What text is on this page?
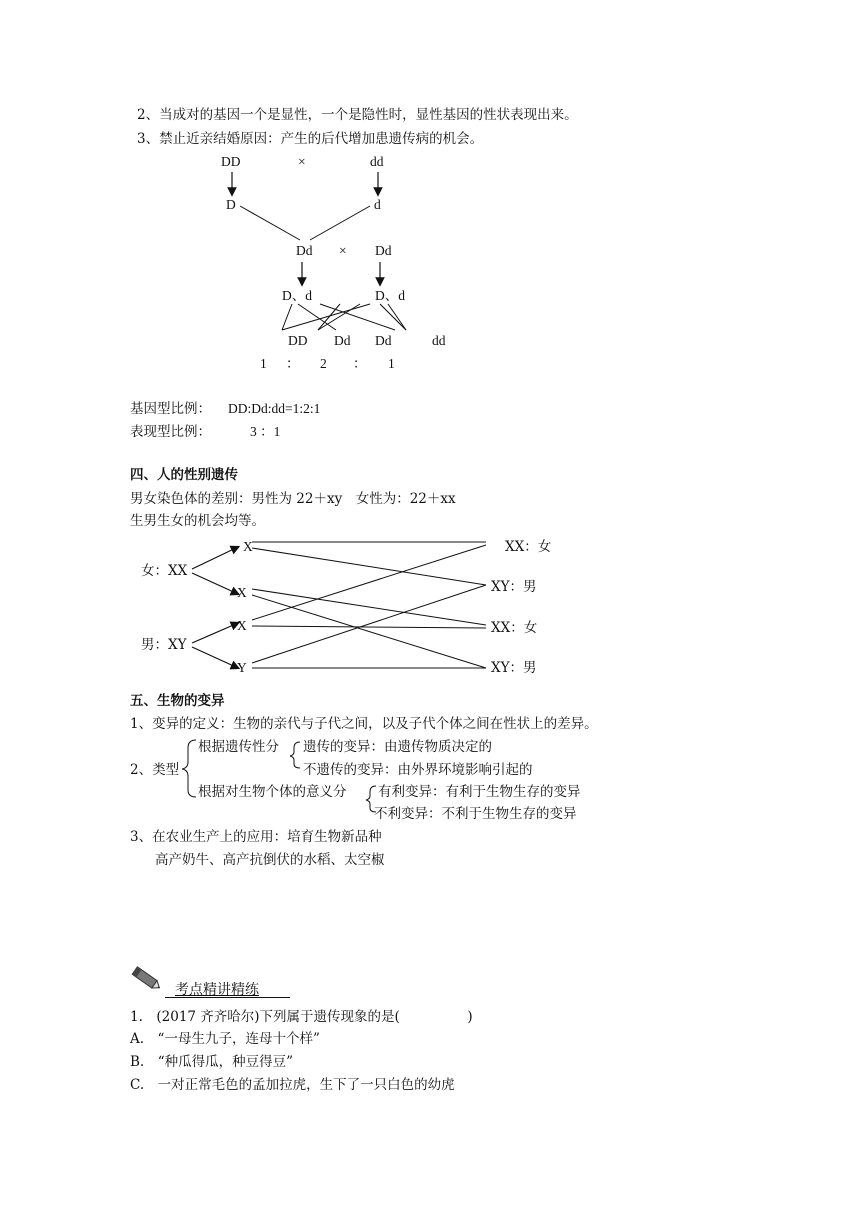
2、当成对的基因一个是显性，一个是隐性时，显性基因的性状表现出来。
3、禁止近亲结婚原因：产生的后代增加患遗传病的机会。
DD	×	dd
D	d
Dd × Dd
D、d	D、d
DD Dd Dd	dd
1 ： 2 ： 1
基因型比例： DD:Dd:dd=1:2:1
表现型比例：	3 ：1
四、人的性别遗传
男女染色体的差别：男性为 22＋xy　女性为：22＋xx
生男生女的机会均等。
女：XX
男：XY
X
X
X
Y
XX：女
XY：男
XX：女
XY：男
五、生物的变异
1、变异的定义：生物的亲代与子代之间，以及子代个体之间在性状上的差异。
2、类型
根据遗传性分 遗传的变异：由遗传物质决定的
不遗传的变异：由外界环境影响引起的
根据对生物个体的意义分 有利变异：有利于生物生存的变异
不利变异：不利于生物生存的变异
3、在农业生产上的应用：培育生物新品种
高产奶牛、高产抗倒伏的水稻、太空椒
考点精讲精练
1.　(2017 齐齐哈尔)下列属于遗传现象的是(　　　　　)
A.　“一母生九子，连母十个样”
B.　“种瓜得瓜，种豆得豆”
C.　一对正常毛色的孟加拉虎，生下了一只白色的幼虎
